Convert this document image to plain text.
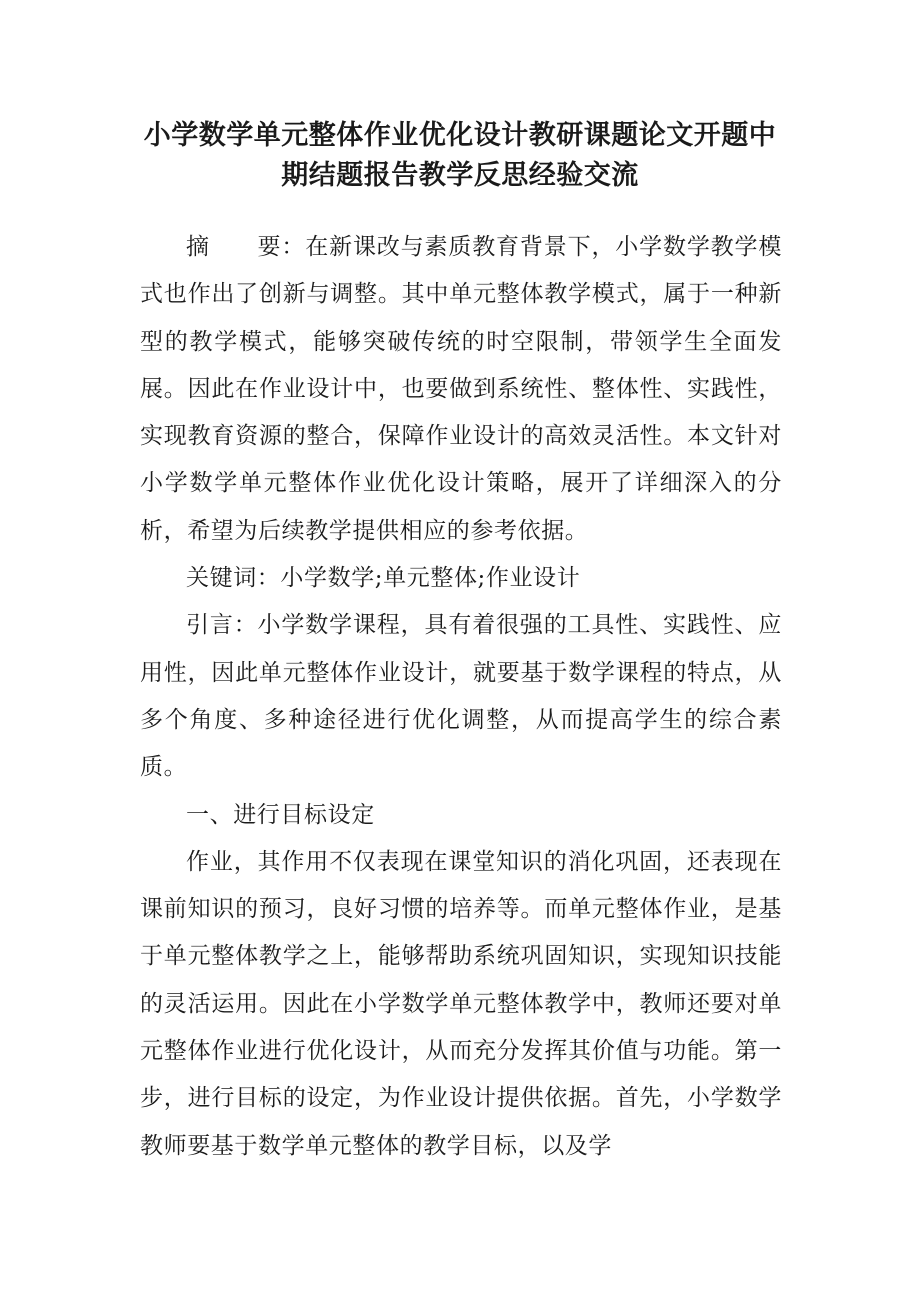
小学数学单元整体作业优化设计教研课题论文开题中
期结题报告教学反思经验交流

摘　　要：在新课改与素质教育背景下，小学数学教学模式也作出了创新与调整。其中单元整体教学模式，属于一种新型的教学模式，能够突破传统的时空限制，带领学生全面发展。因此在作业设计中，也要做到系统性、整体性、实践性，实现教育资源的整合，保障作业设计的高效灵活性。本文针对小学数学单元整体作业优化设计策略，展开了详细深入的分析，希望为后续教学提供相应的参考依据。

关键词：小学数学;单元整体;作业设计

引言：小学数学课程，具有着很强的工具性、实践性、应用性，因此单元整体作业设计，就要基于数学课程的特点，从多个角度、多种途径进行优化调整，从而提高学生的综合素质。

一、进行目标设定

作业，其作用不仅表现在课堂知识的消化巩固，还表现在课前知识的预习，良好习惯的培养等。而单元整体作业，是基于单元整体教学之上，能够帮助系统巩固知识，实现知识技能的灵活运用。因此在小学数学单元整体教学中，教师还要对单元整体作业进行优化设计，从而充分发挥其价值与功能。第一步，进行目标的设定，为作业设计提供依据。首先，小学数学教师要基于数学单元整体的教学目标，以及学
